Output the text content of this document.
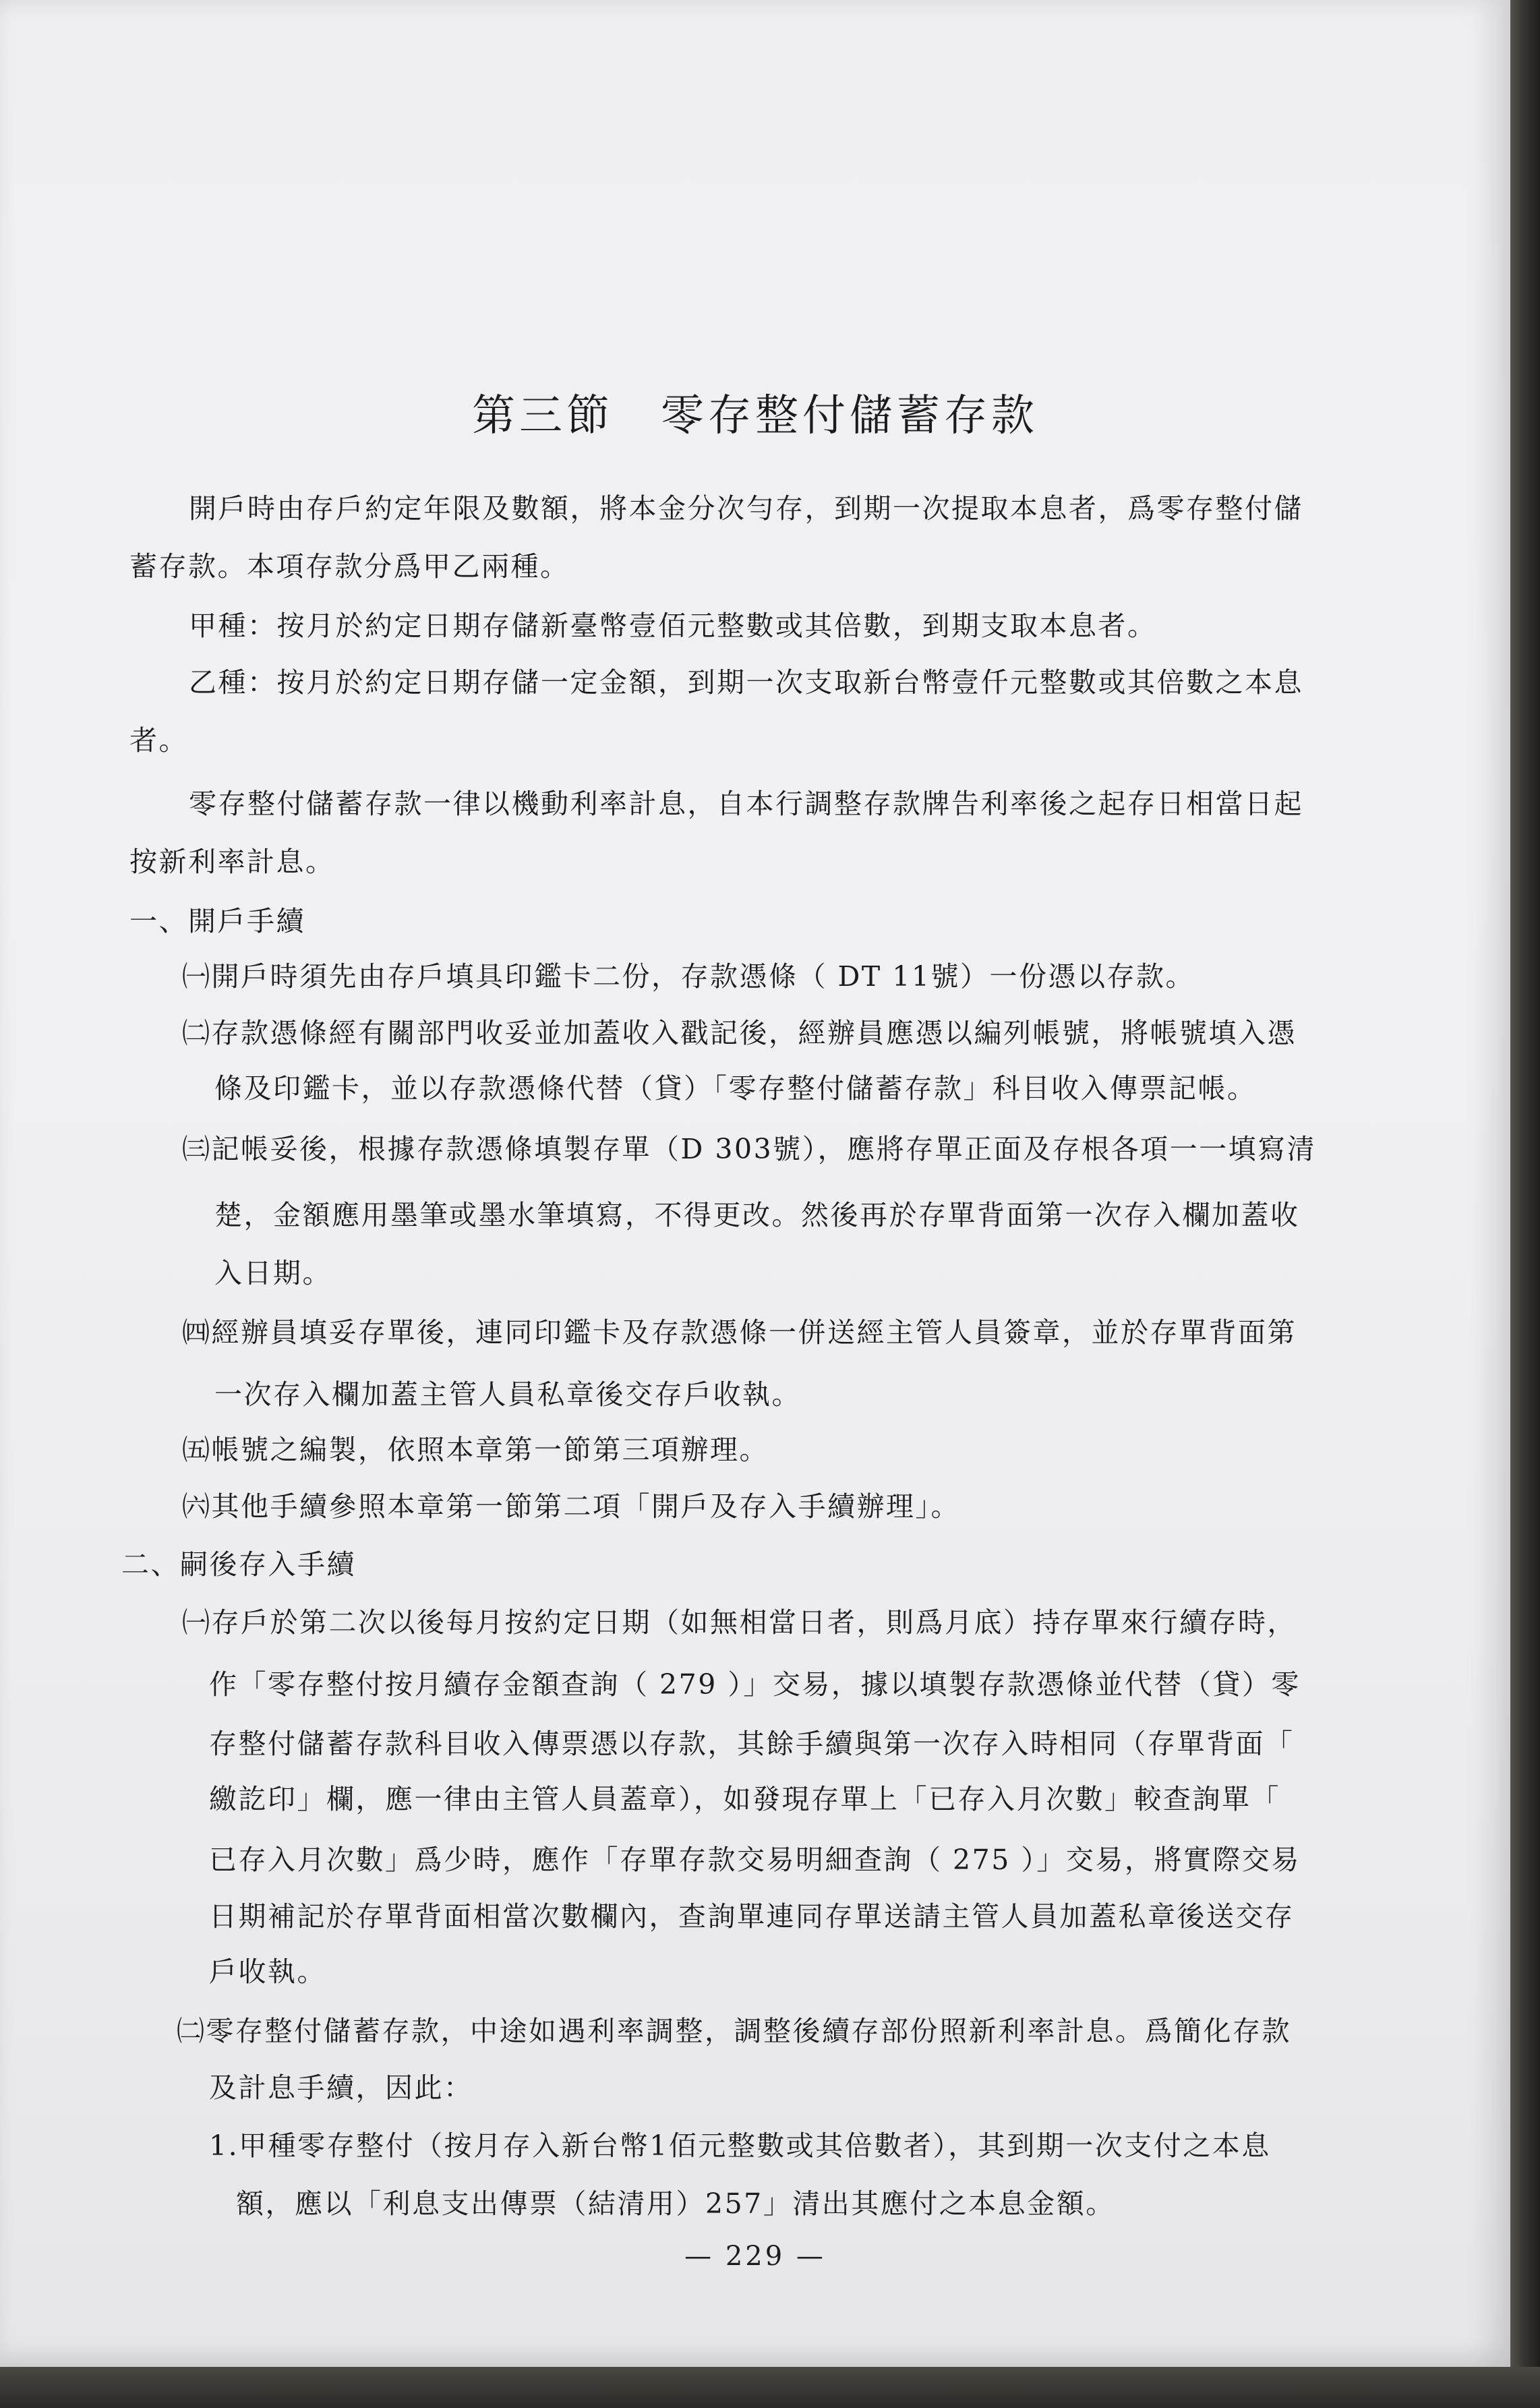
第三節　零存整付儲蓄存款
開戶時由存戶約定年限及數額，將本金分次勻存，到期一次提取本息者，爲零存整付儲
蓄存款。本項存款分爲甲乙兩種。
甲種：按月於約定日期存儲新臺幣壹佰元整數或其倍數，到期支取本息者。
乙種：按月於約定日期存儲一定金額，到期一次支取新台幣壹仟元整數或其倍數之本息
者。
零存整付儲蓄存款一律以機動利率計息，自本行調整存款牌告利率後之起存日相當日起
按新利率計息。
一、開戶手續
㈠開戶時須先由存戶填具印鑑卡二份，存款憑條（ DT 11號）一份憑以存款。
㈡存款憑條經有關部門收妥並加蓋收入戳記後，經辦員應憑以編列帳號，將帳號填入憑
條及印鑑卡，並以存款憑條代替（貸）「零存整付儲蓄存款」科目收入傳票記帳。
㈢記帳妥後，根據存款憑條填製存單（D 303號），應將存單正面及存根各項一一填寫清
楚，金額應用墨筆或墨水筆填寫，不得更改。然後再於存單背面第一次存入欄加蓋收
入日期。
㈣經辦員填妥存單後，連同印鑑卡及存款憑條一併送經主管人員簽章，並於存單背面第
一次存入欄加蓋主管人員私章後交存戶收執。
㈤帳號之編製，依照本章第一節第三項辦理。
㈥其他手續參照本章第一節第二項「開戶及存入手續辦理」。
二、嗣後存入手續
㈠存戶於第二次以後每月按約定日期（如無相當日者，則爲月底）持存單來行續存時，
作「零存整付按月續存金額查詢（ 279 ）」交易，據以填製存款憑條並代替（貸）零
存整付儲蓄存款科目收入傳票憑以存款，其餘手續與第一次存入時相同（存單背面「
繳訖印」欄，應一律由主管人員蓋章），如發現存單上「已存入月次數」較查詢單「
已存入月次數」爲少時，應作「存單存款交易明細查詢（ 275 ）」交易，將實際交易
日期補記於存單背面相當次數欄內，查詢單連同存單送請主管人員加蓋私章後送交存
戶收執。
㈡零存整付儲蓄存款，中途如遇利率調整，調整後續存部份照新利率計息。爲簡化存款
及計息手續，因此：
1.甲種零存整付（按月存入新台幣1佰元整數或其倍數者），其到期一次支付之本息
額，應以「利息支出傳票（結清用）257」清出其應付之本息金額。
— 229 —
